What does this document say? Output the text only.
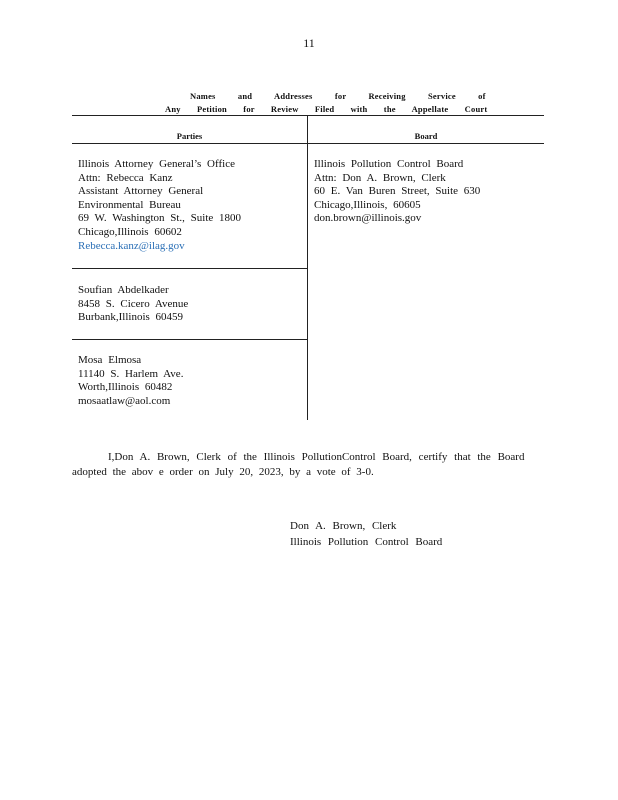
11
Names and Addresses for Receiving Service of
Any Petition for Review Filed with the Appellate Court
Parties	Board
Illinois Attorney General’s Office
Attn: Rebecca Kanz
Assistant Attorney General
Environmental Bureau
69 W. Washington St., Suite 1800
Chicago,Illinois 60602
Rebecca.kanz@ilag.gov
Soufian Abdelkader
8458 S. Cicero Avenue
Burbank,Illinois 60459
Mosa Elmosa
11140 S. Harlem Ave.
Worth,Illinois 60482
mosaatlaw@aol.com
Illinois Pollution Control Board
Attn: Don A. Brown, Clerk
60 E. Van Buren Street, Suite 630
Chicago,Illinois, 60605
don.brown@illinois.gov
I,Don A. Brown, Clerk of the Illinois PollutionControl Board, certify that the Board
adopted the abov e order on July 20, 2023, by a vote of 3-0.
Don A. Brown, Clerk
Illinois Pollution Control Board
